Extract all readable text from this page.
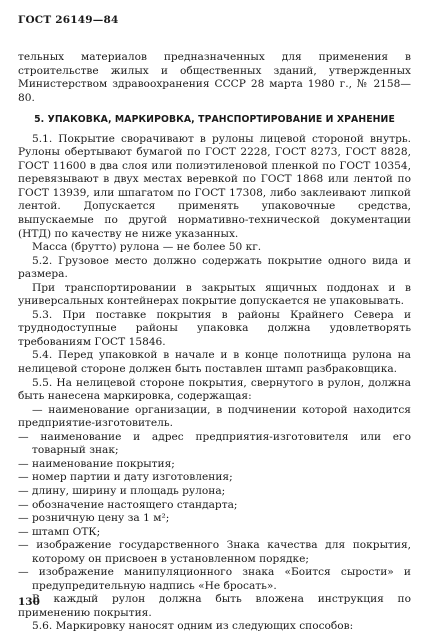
ГОСТ 26149—84

тельных материалов предназначенных для применения в строительстве жилых и общественных зданий, утвержденных Министерством здравоохранения СССР 28 марта 1980 г., № 2158—80.

5. УПАКОВКА, МАРКИРОВКА, ТРАНСПОРТИРОВАНИЕ И ХРАНЕНИЕ

5.1. Покрытие сворачивают в рулоны лицевой стороной внутрь. Рулоны обертывают бумагой по ГОСТ 2228, ГОСТ 8273, ГОСТ 8828, ГОСТ 11600 в два слоя или полиэтиленовой пленкой по ГОСТ 10354, перевязывают в двух местах веревкой по ГОСТ 1868 или лентой по ГОСТ 13939, или шпагатом по ГОСТ 17308, либо заклеивают липкой лентой. Допускается применять упаковочные средства, выпускаемые по другой нормативно-технической документации (НТД) по качеству не ниже указанных.

Масса (брутто) рулона — не более 50 кг.

5.2. Грузовое место должно содержать покрытие одного вида и размера.

При транспортировании в закрытых ящичных поддонах и в универсальных контейнерах покрытие допускается не упаковывать.

5.3. При поставке покрытия в районы Крайнего Севера и труднодоступные районы упаковка должна удовлетворять требованиям ГОСТ 15846.

5.4. Перед упаковкой в начале и в конце полотнища рулона на нелицевой стороне должен быть поставлен штамп разбраковщика.

5.5. На нелицевой стороне покрытия, свернутого в рулон, должна быть нанесена маркировка, содержащая:

— наименование организации, в подчинении которой находится предприятие-изготовитель.

— наименование и адрес предприятия-изготовителя или его товарный знак;

— наименование покрытия;

— номер партии и дату изготовления;

— длину, ширину и площадь рулона;

— обозначение настоящего стандарта;

— розничную цену за 1 м²;

— штамп ОТК;

— изображение государственного Знака качества для покрытия, которому он присвоен в установленном порядке;

— изображение манипуляционного знака «Боится сырости» и предупредительную надпись «Не бросать».

В каждый рулон должна быть вложена инструкция по применению покрытия.

5.6. Маркировку наносят одним из следующих способов:

130
